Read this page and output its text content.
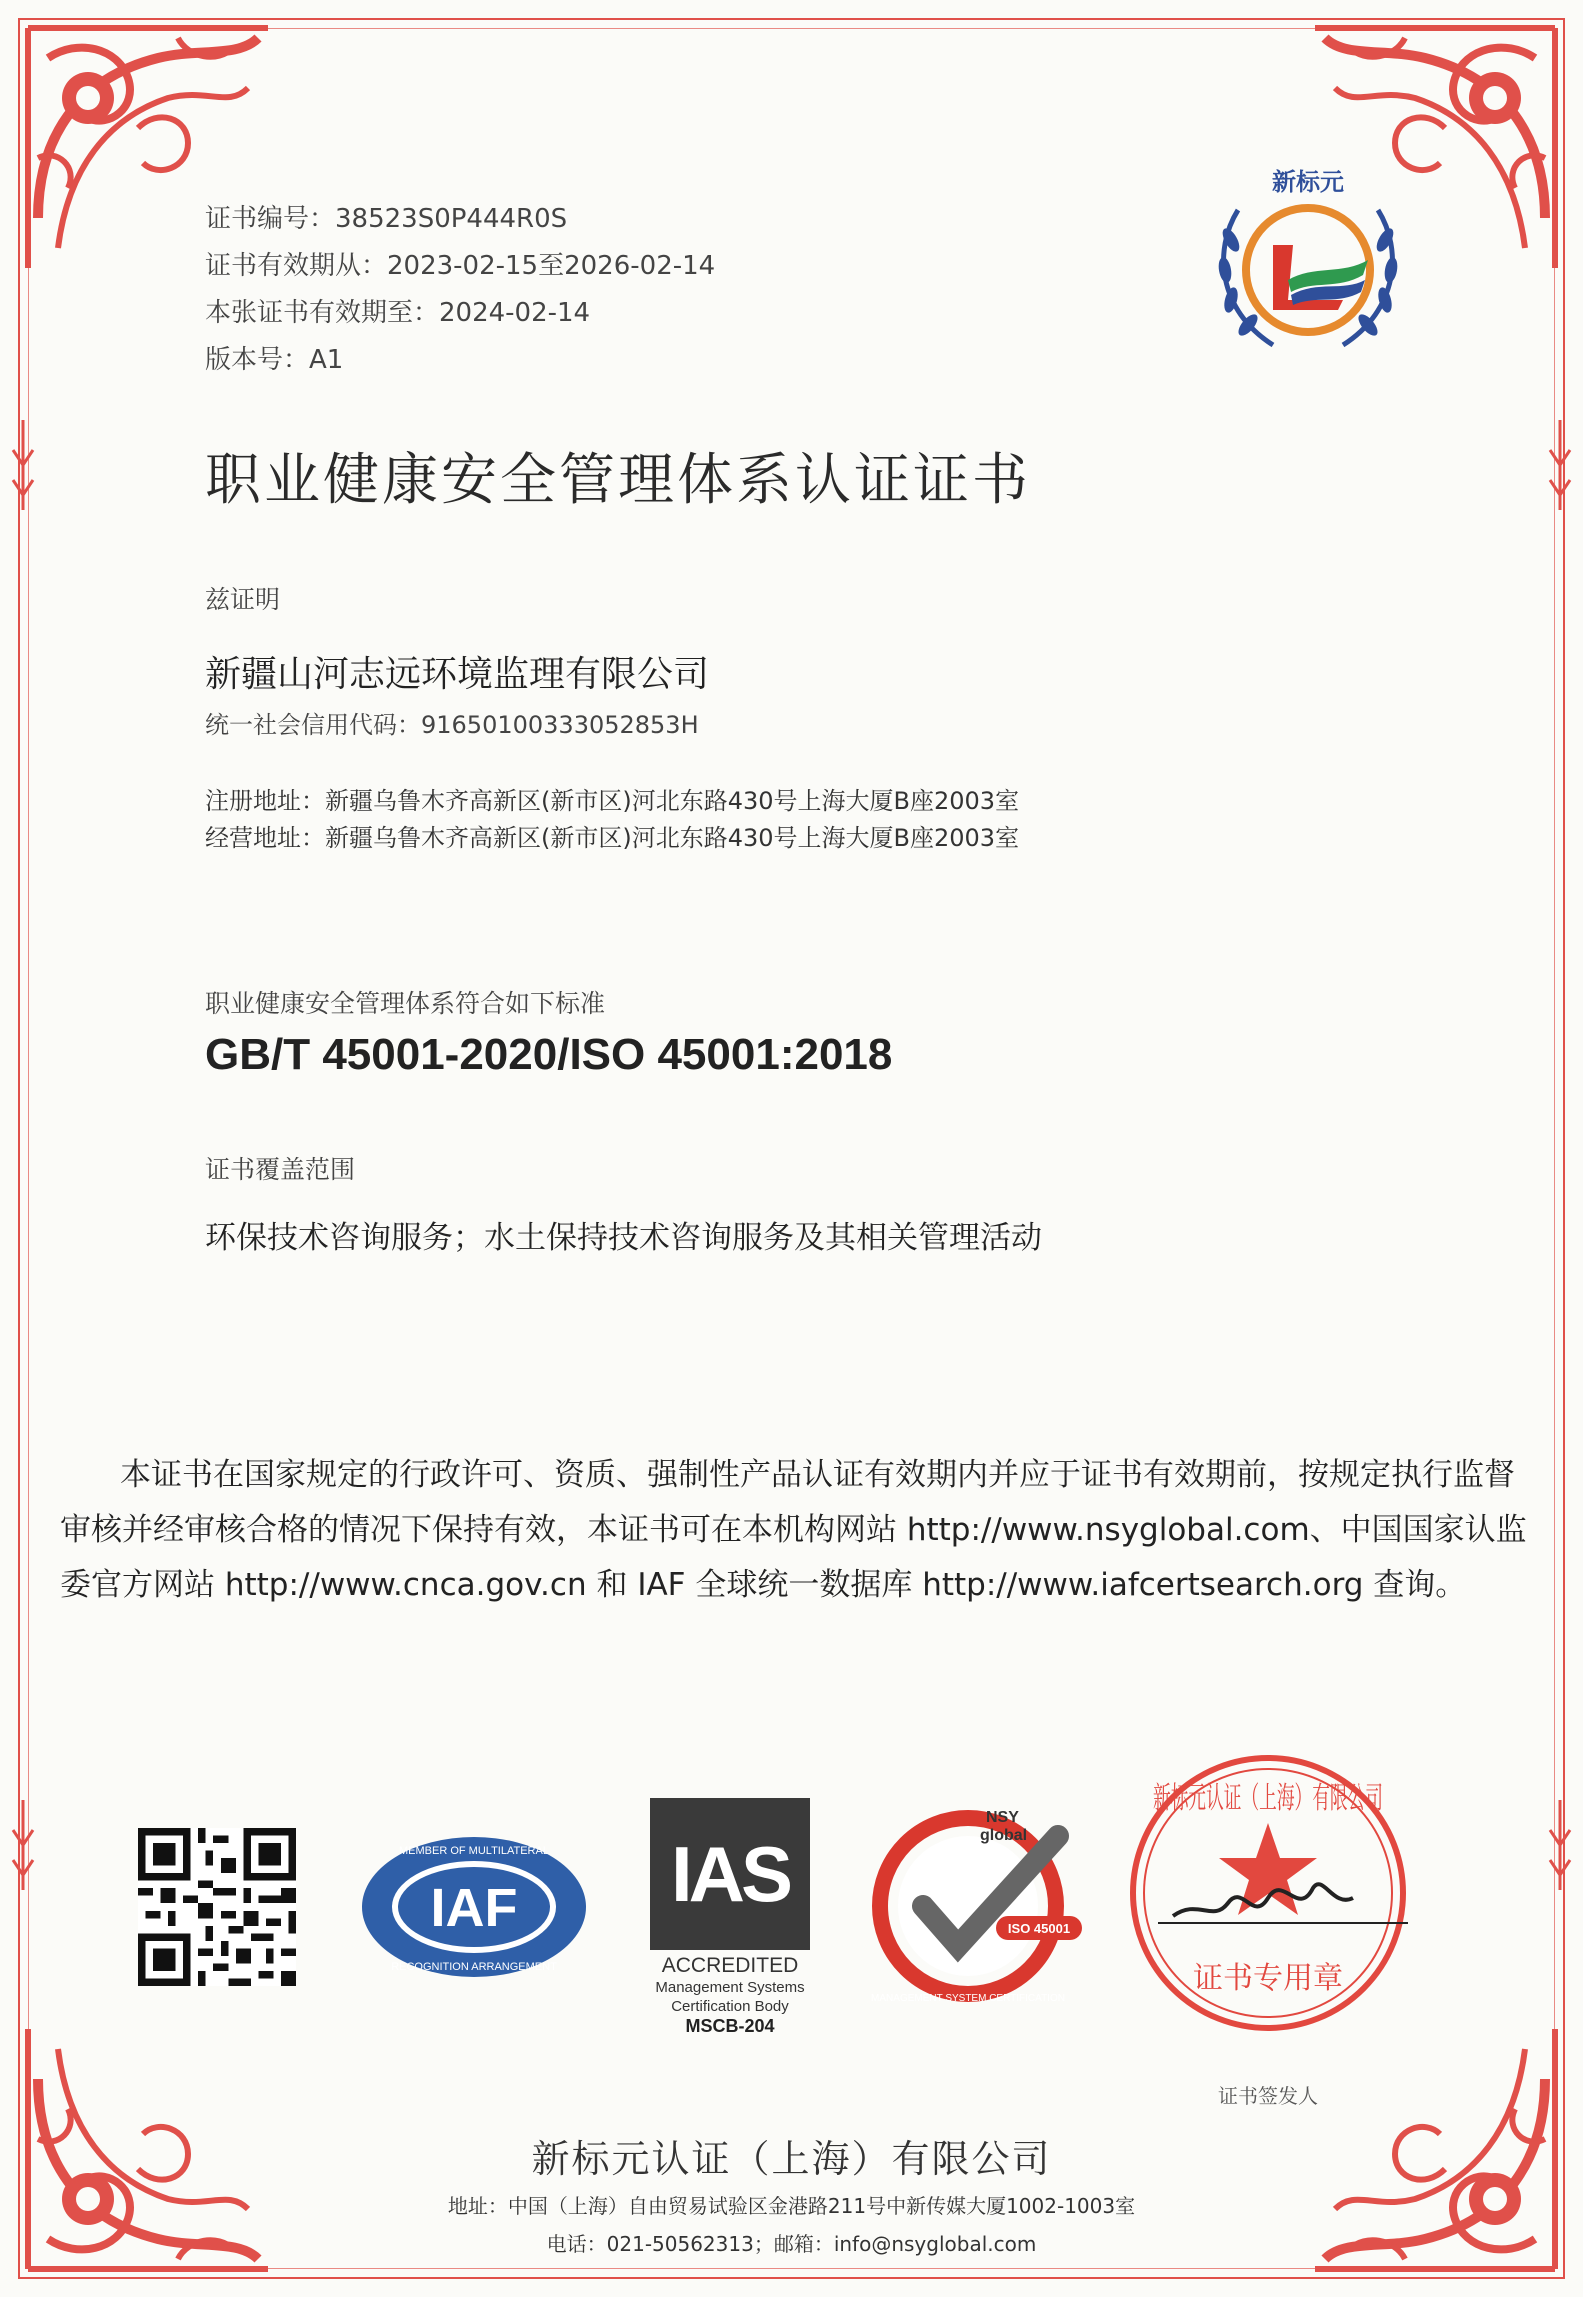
证书编号：38523S0P444R0S
证书有效期从：2023-02-15至2026-02-14
本张证书有效期至：2024-02-14
版本号：A1
新标元
职业健康安全管理体系认证证书
兹证明
新疆山河志远环境监理有限公司
统一社会信用代码：91650100333052853H
注册地址：新疆乌鲁木齐高新区(新市区)河北东路430号上海大厦B座2003室
经营地址：新疆乌鲁木齐高新区(新市区)河北东路430号上海大厦B座2003室
职业健康安全管理体系符合如下标准
GB/T 45001-2020/ISO 45001:2018
证书覆盖范围
环保技术咨询服务；水土保持技术咨询服务及其相关管理活动
本证书在国家规定的行政许可、资质、强制性产品认证有效期内并应于证书有效期前，按规定执行监督审核并经审核合格的情况下保持有效，本证书可在本机构网站 http://www.nsyglobal.com、中国国家认监委官方网站 http://www.cnca.gov.cn 和 IAF 全球统一数据库 http://www.iafcertsearch.org 查询。
IAF
MEMBER OF MULTILATERAL
RECOGNITION ARRANGEMENT
IAS
ACCREDITED
Management Systems
Certification Body
MSCB-204
ISO 45001
NSY
global
MANAGEMENT SYSTEM CERTIFICATION
新标元认证（上海）有限公司
证书专用章
证书签发人
新标元认证（上海）有限公司
地址：中国（上海）自由贸易试验区金港路211号中新传媒大厦1002-1003室
电话：021-50562313；邮箱：info@nsyglobal.com
